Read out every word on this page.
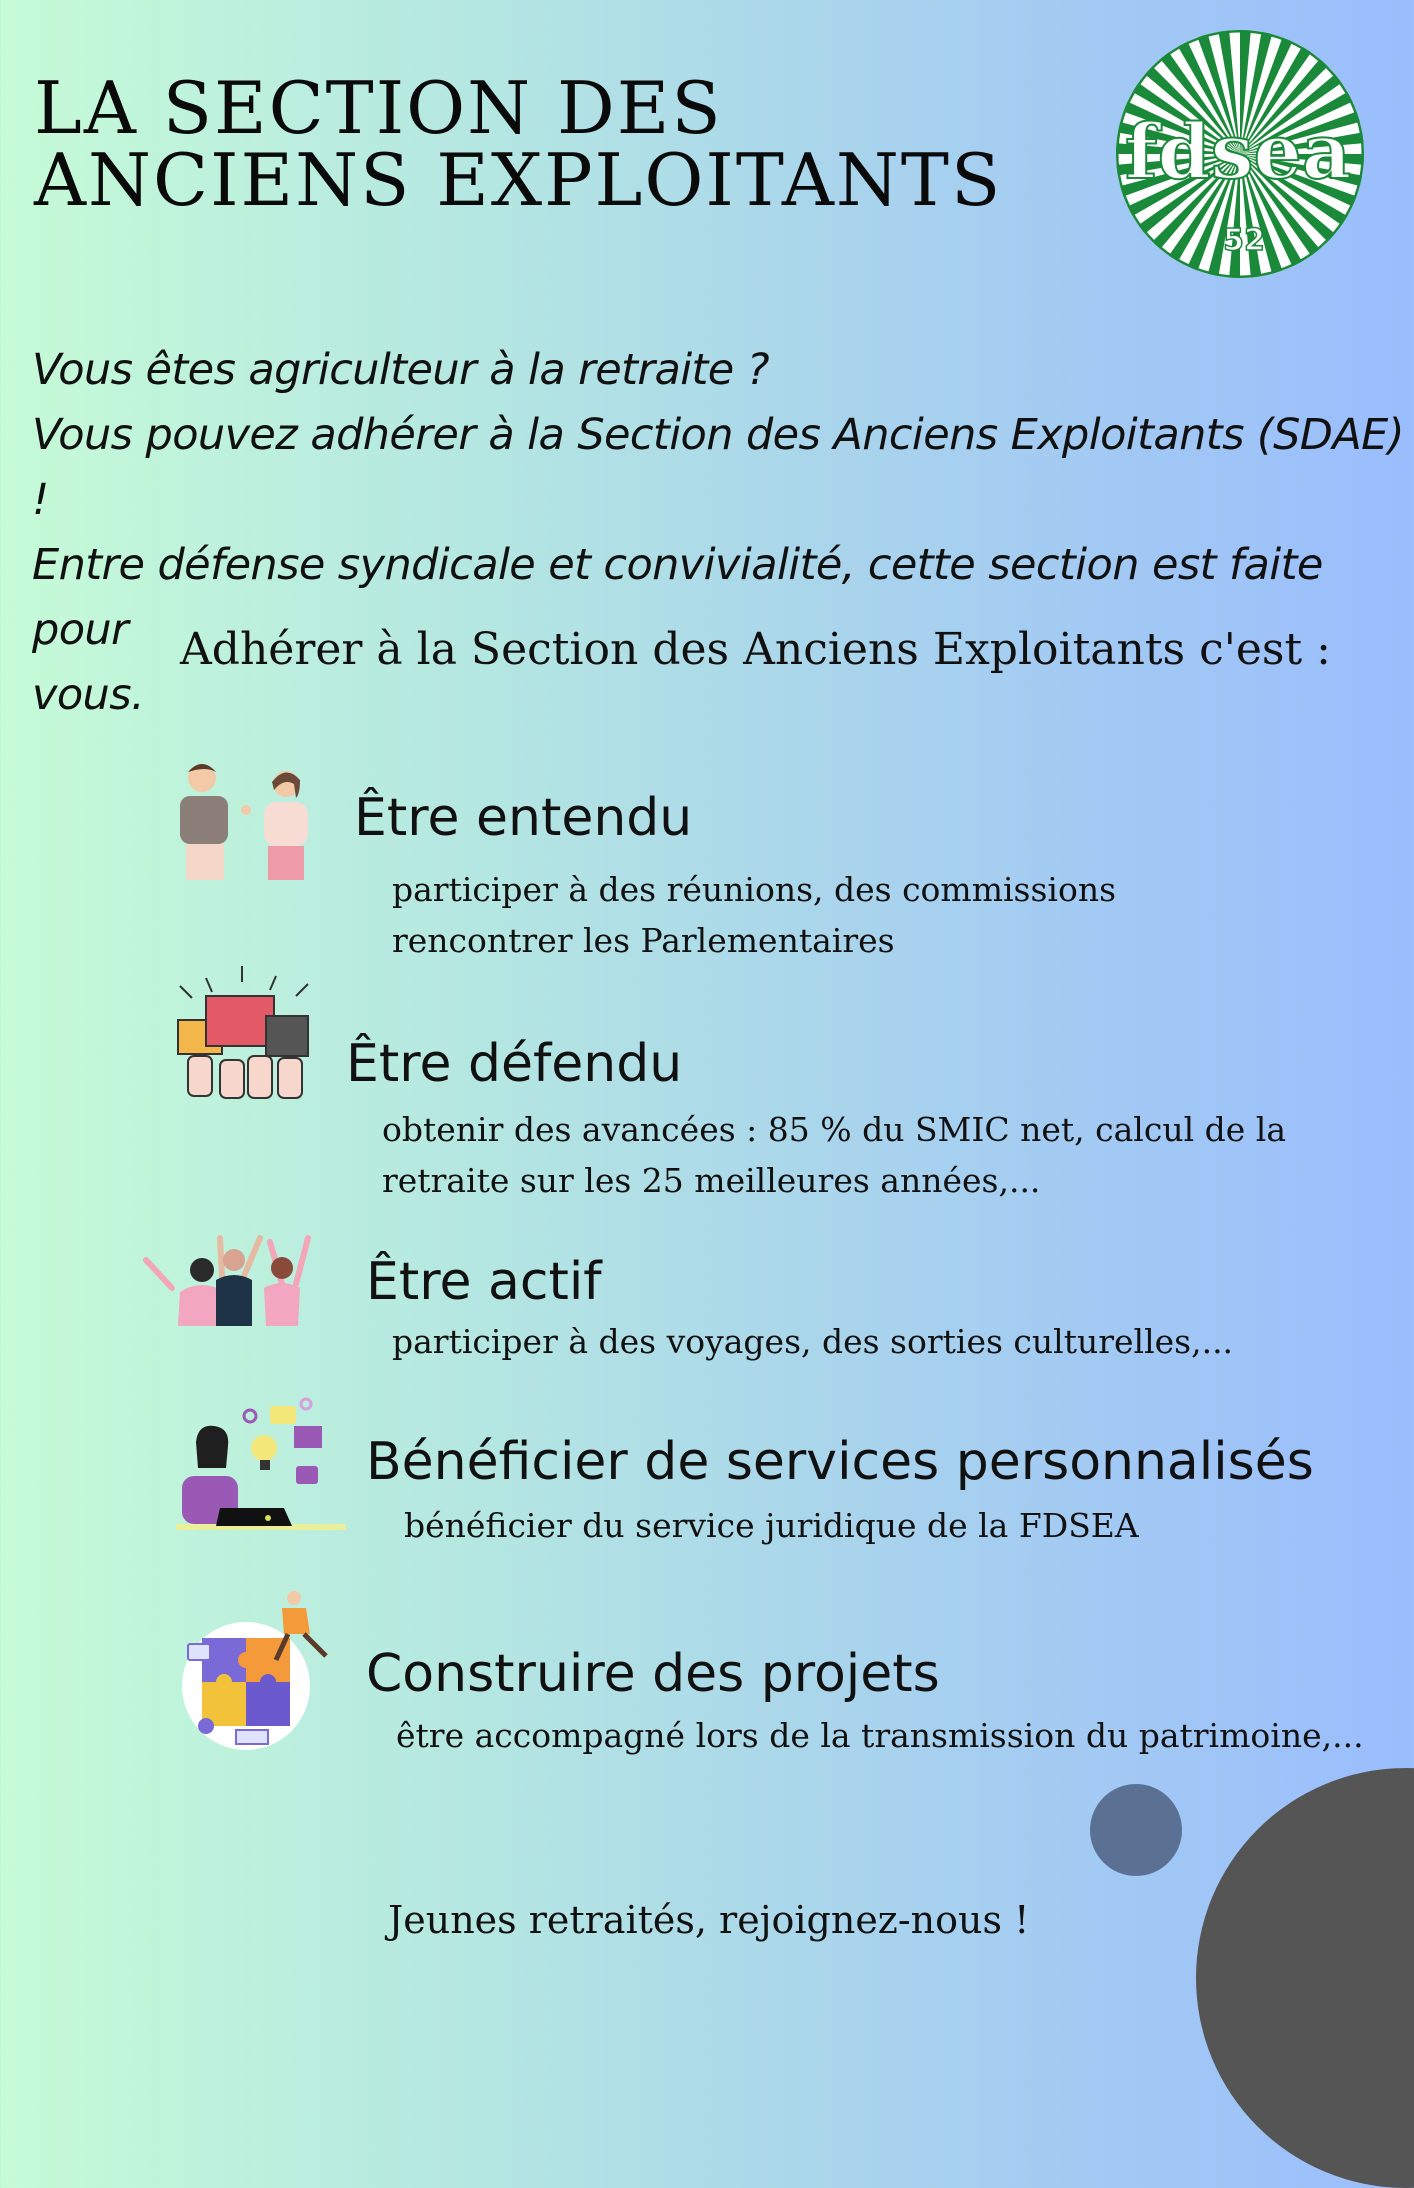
LA SECTION DES
ANCIENS EXPLOITANTS fdsea
52
Vous êtes agriculteur à la retraite ?
Vous pouvez adhérer à la Section des Anciens Exploitants (SDAE) !
Entre défense syndicale et convivialité, cette section est faite pour
vous.
Adhérer à la Section des Anciens Exploitants c'est :
Être entendu
participer à des réunions, des commissions
rencontrer les Parlementaires
Être défendu
obtenir des avancées : 85 % du SMIC net, calcul de la
retraite sur les 25 meilleures années,...
Être actif
participer à des voyages, des sorties culturelles,...
Bénéficier de services personnalisés
bénéficier du service juridique de la FDSEA
Construire des projets
être accompagné lors de la transmission du patrimoine,...
Jeunes retraités, rejoignez-nous !
